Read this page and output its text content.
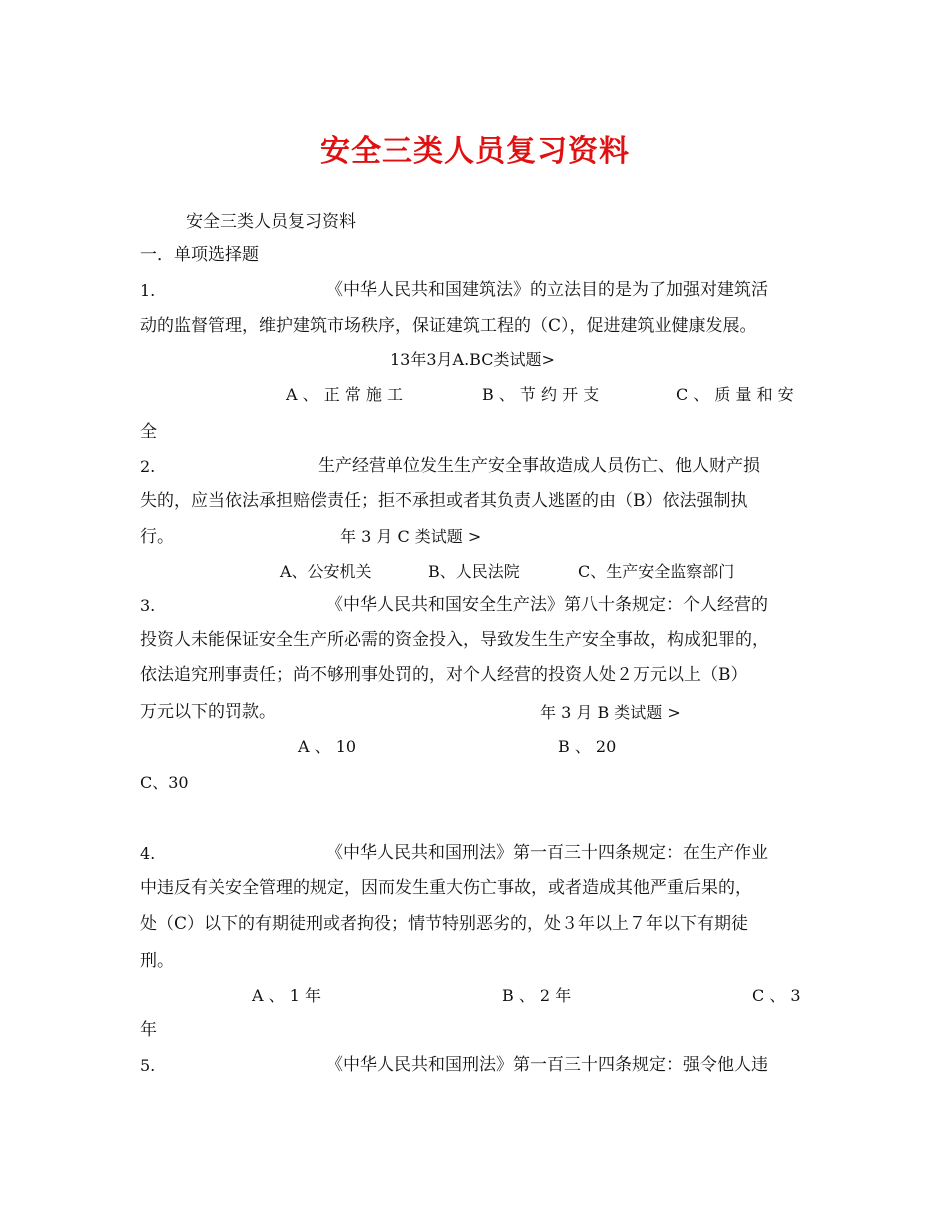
安全三类人员复习资料
安全三类人员复习资料
一．单项选择题
1.	《中华人民共和国建筑法》的立法目的是为了加强对建筑活
动的监督管理，维护建筑市场秩序，保证建筑工程的（C），促进建筑业健康发展。
13年3月A.BC类试题>
A 、 正 常 施 工	B 、 节 约 开 支	C 、 质 量 和 安
全
2.	生产经营单位发生生产安全事故造成人员伤亡、他人财产损
失的，应当依法承担赔偿责任；拒不承担或者其负责人逃匿的由（B）依法强制执
行。	年 3 月 C 类试题 >
A、公安机关	B、人民法院	C、生产安全监察部门
3.	《中华人民共和国安全生产法》第八十条规定：个人经营的
投资人未能保证安全生产所必需的资金投入，导致发生生产安全事故，构成犯罪的，
依法追究刑事责任；尚不够刑事处罚的，对个人经营的投资人处２万元以上（B）
万元以下的罚款。	年 3 月 B 类试题 >
A 、 10	B 、 20
C、30
4.	《中华人民共和国刑法》第一百三十四条规定：在生产作业
中违反有关安全管理的规定，因而发生重大伤亡事故，或者造成其他严重后果的，
处（C）以下的有期徒刑或者拘役；情节特别恶劣的，处３年以上７年以下有期徒
刑。
A 、 1 年	B 、 2 年	C 、 3
年
5.	《中华人民共和国刑法》第一百三十四条规定：强令他人违
